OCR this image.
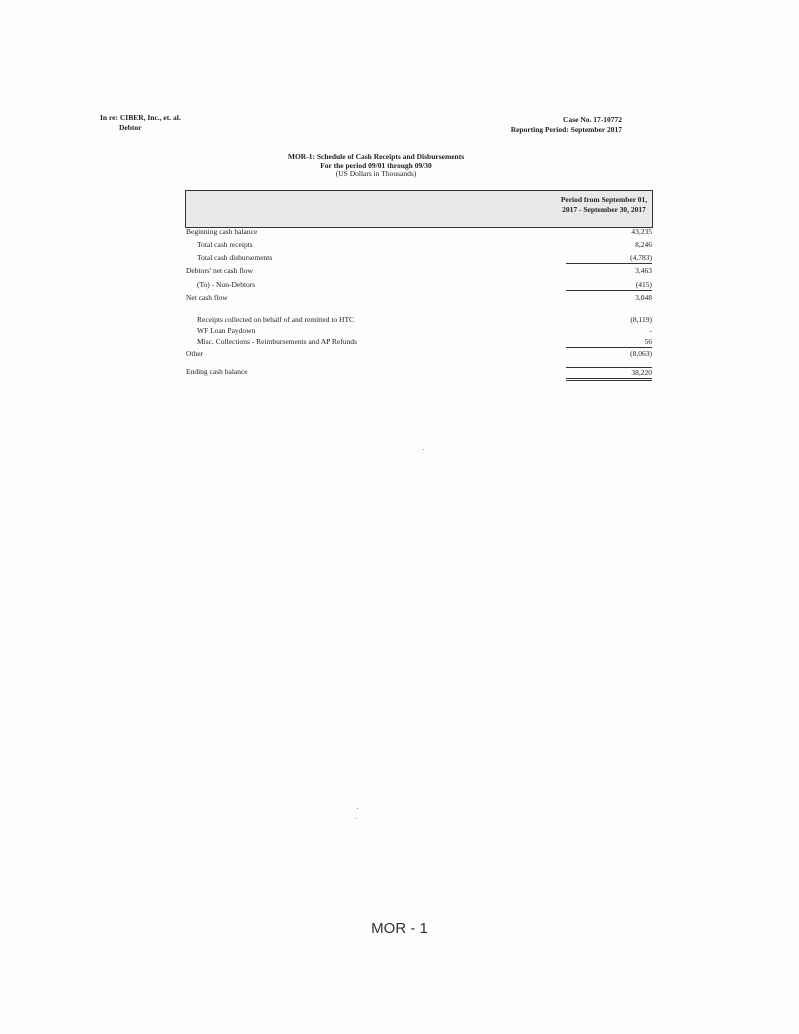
In re: CIBER, Inc., et. al.
Debtor
Case No. 17-10772
Reporting Period: September 2017
MOR-1: Schedule of Cash Receipts and Disbursements
For the period 09/01 through 09/30
(US Dollars in Thousands)
Period from September 01, 2017 - September 30, 2017
Beginning cash balance	43,235
Total cash receipts	8,246
Total cash disbursements	(4,783)
Debtors' net cash flow	3,463
(To) - Non-Debtors	(415)
Net cash flow	3,048
Receipts collected on behalf of and remitted to HTC	(8,119)
WF Loan Paydown	-
Misc. Collections - Reimbursements and AP Refunds	56
Other	(8,063)
Ending cash balance	38,220
MOR - 1
